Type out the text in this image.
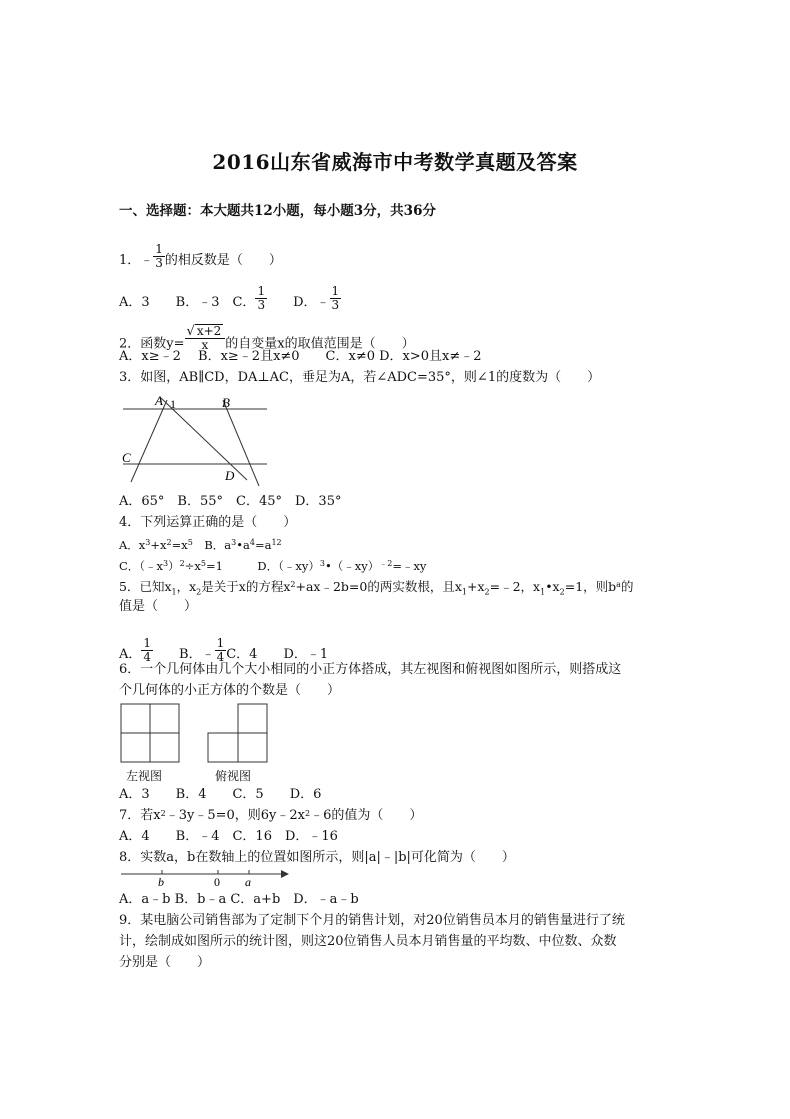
2016山东省威海市中考数学真题及答案
一、选择题：本大题共12小题，每小题3分，共36分
1．﹣ $\frac{1}{3}$ 的相反数是（　　）
A．3　　B．﹣3　C． $\frac{1}{3}$ 　　D．﹣ $\frac{1}{3}$
2．函数$y= \frac{√ x+2}{x}$ 的自变量x的取值范围是（　　）
A．x≥﹣2　 B．x≥﹣2且x≠0　　C．x≠0 D．x>0且x≠﹣2
3．如图，AB∥CD，DA⊥AC，垂足为A，若∠ADC=35°，则∠1的度数为（　　）
A 1	B
C
D
A．65°　B．55°　C．45°　D．35°
4．下列运算正确的是（　　）
A．$x^3+x^2=x^5$　B．$a^3•a^4=a^{12}$
C．$(﹣x^3)^2\div x^5=1$　　　D．（﹣xy）$^3$•（﹣xy）$^{﹣2}$=﹣xy
5．已知$x_1$，$x_2$是关于x的方程$x^2+ax﹣2b=0$的两实数根，且$x_1+x_2=﹣2$，$x_1•x_2=1$，则$b^a$的
值是（　　）
A． $\frac{1}{4}$ 　　B．﹣ $\frac{1}{4}$ C．4　　D．﹣1
6．一个几何体由几个大小相同的小正方体搭成，其左视图和俯视图如图所示，则搭成这
个几何体的小正方体的个数是（　　）
左视图	俯视图
A．3　　B．4　　C．5　　D．6
7．若$x^2﹣3y﹣5=0$，则$6y﹣2x^2﹣6$的值为（　　）
A．4　　B．﹣4　C．16　D．﹣16
8．实数a，b在数轴上的位置如图所示，则|a|﹣|b|可化简为（　　）
b	0 a
A．a﹣b B．b﹣a C．a+b　D．﹣a﹣b
9．某电脑公司销售部为了定制下个月的销售计划，对20位销售员本月的销售量进行了统
计，绘制成如图所示的统计图，则这20位销售人员本月销售量的平均数、中位数、众数
分别是（　　）
